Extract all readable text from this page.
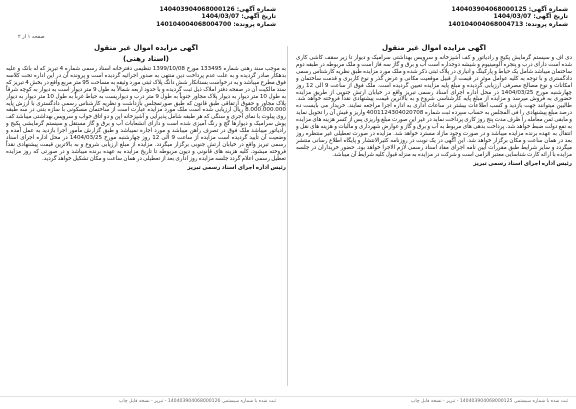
شماره آگهی: 140403904068000125
تاریخ آگهی: 1404/03/07
شماره پرونده: 140104004068004713
شماره آگهی: 140403904068000126
تاریخ آگهی: 1404/03/07
شماره پرونده: 140104004068004700
صفحه ۱ از ۲
آگهی مزایده اموال غیر منقول

دی اف و سیستم گرمایش پکیج و رادیاتور و کف آشپزخانه و سرویس بهداشتی سرامیک و دیوار تا زیر سقف کاشی کاری شده است دارای درب و پنجره آلومینیوم و شیشه دوجداره است آب و برق و گاز سه فاز است و ملک مربوطه در طبقه دوم ساختمان میباشد شامل یک حیاط و پارکینگ و انباری در پلاک ثبتی ذکر شده و ملک مورد مزایده طبق نظریه کارشناس رسمی دادگستری و با توجه به کلیه عوامل موثر در قیمت از قبیل موقعیت مکانی و عرض گذر و نوع کاربری و قدمت ساختمان و امکانات و نوع مصالح مصرفی ارزیابی گردیده و مبلغ پایه مزایده تعیین گردیده است. ملک فوق از ساعت 9 الی 12 روز چهارشنبه مورخ 1404/03/25 در محل اداره اجرای اسناد رسمی تبریز واقع در خیابان ارتش جنوبی از طریق مزایده حضوری به فروش میرسد و مزایده از مبلغ پایه کارشناسی شروع و به بالاترین قیمت پیشنهادی نقداً فروخته خواهد شد. طالبین میتوانند جهت بازدید و کسب اطلاعات بیشتر در ساعات اداری به اداره اجرا مراجعه نمایند. خریدار می بایست ده درصد مبلغ پیشنهادی را فی المجلس به حساب سپرده ثبت شماره 4001124304020708 واریز و فیش آن را تحویل نماید و مابقی ثمن معامله را ظرف مدت پنج روز کاری پرداخت نماید در غیر این صورت مبلغ واریزی پس از کسر هزینه های مزایده به نفع دولت ضبط خواهد شد. پرداخت بدهی های مربوط به آب و برق و گاز و عوارض شهرداری و مالیات و هزینه های نقل و انتقال به عهده برنده مزایده میباشد و در صورت وجود مازاد مسترد خواهد شد. مزایده در صورت تعطیلی غیر منتظره روز بعد در همان ساعت و مکان برگزار خواهد شد. این آگهی در یک نوبت در روزنامه کثیرالانتشار و پایگاه اطلاع رسانی منتشر میگردد و سایر شرایط طبق مقررات آیین نامه اجرای مفاد اسناد رسمی لازم الاجرا خواهد بود. حضور خریداران در جلسه مزایده با ارائه کارت شناسایی معتبر الزامی است و شرکت در مزایده به منزله قبول کلیه شرایط آن میباشد.

رئیس اداره اجرای اسناد رسمی تبریز

آگهی مزایده اموال غیر منقول
(اسناد رهنی)

به موجب سند رهنی شماره 133495 مورخ 1399/10/08 تنظیمی دفترخانه اسناد رسمی شماره 4 تبریز که له بانک و علیه بدهکار صادر گردیده و به علت عدم پرداخت دین منتهی به صدور اجرائیه گردیده است و پرونده آن در این اداره تحت کلاسه فوق مطرح میباشد و به درخواست بستانکار شش دانگ پلاک ثبتی مورد وثیقه به مساحت 95 متر مربع واقع در بخش 4 تبریز که سند مالکیت آن در صفحه دفتر املاک ذیل ثبت گردیده و با حدود اربعه شمالاً به طول 9 متر دیوار است به دیوار به کوچه شرقاً به طول 10 متر دیوار به دیوار پلاک مجاور جنوباً به طول 9 متر درب و دیواریست به حیاط غرباً به طول 10 متر دیوار به دیوار پلاک مجاور و حقوق ارتفاقی طبق قانون که طبق صورتمجلس بازداشت و نظریه کارشناس رسمی دادگستری با ارزش پایه 8.000.000.000 ریال ارزیابی شده است ملک مورد مزایده عبارت است از ساختمان مسکونی با سازه بتنی در سه طبقه روی پیلوت با نمای آجری و سنگی که هر طبقه شامل پذیرایی و آشپزخانه اپن و دو اتاق خواب و سرویس بهداشتی میباشد کف پوش سرامیک و دیوارها گچ و رنگ آمیزی شده است و دارای انشعابات آب و برق و گاز مستقل و سیستم گرمایشی پکیج و رادیاتور میباشد ملک فوق در تصرف راهن میباشد و مورد اجاره نمیباشد و طبق گزارش مأمور اجرا بازدید به عمل آمده و وضعیت آن تأیید گردیده است مزایده از ساعت 9 الی 12 روز چهارشنبه مورخ 1404/03/25 در محل اداره اجرای اسناد رسمی تبریز واقع در خیابان ارتش جنوبی برگزار میگردد. مزایده از مبلغ ارزیابی شروع و به بالاترین قیمت پیشنهادی نقداً فروخته میشود. کلیه هزینه های قانونی و دیون مربوطه تا تاریخ مزایده به عهده برنده میباشد و در صورتی که روز مزایده تعطیل رسمی اعلام گردد جلسه مزایده روز اداری بعد از تعطیلی در همان ساعت و مکان تشکیل خواهد گردید.

رئیس اداره اجرای اسناد رسمی تبریز

ثبت شده با شماره سیستمی 140403904068000125 - تبریز - نسخه قابل چاپ
ثبت شده با شماره سیستمی 140403904068000126 - تبریز - نسخه قابل چاپ
